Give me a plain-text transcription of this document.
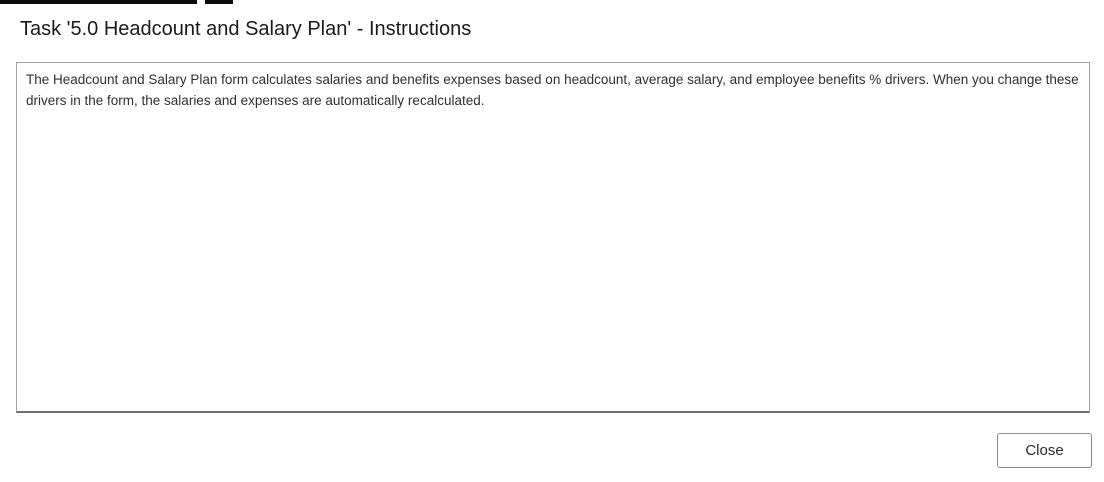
Task '5.0 Headcount and Salary Plan' - Instructions

The Headcount and Salary Plan form calculates salaries and benefits expenses based on headcount, average salary, and employee benefits % drivers. When you change these drivers in the form, the salaries and expenses are automatically recalculated.

Close
